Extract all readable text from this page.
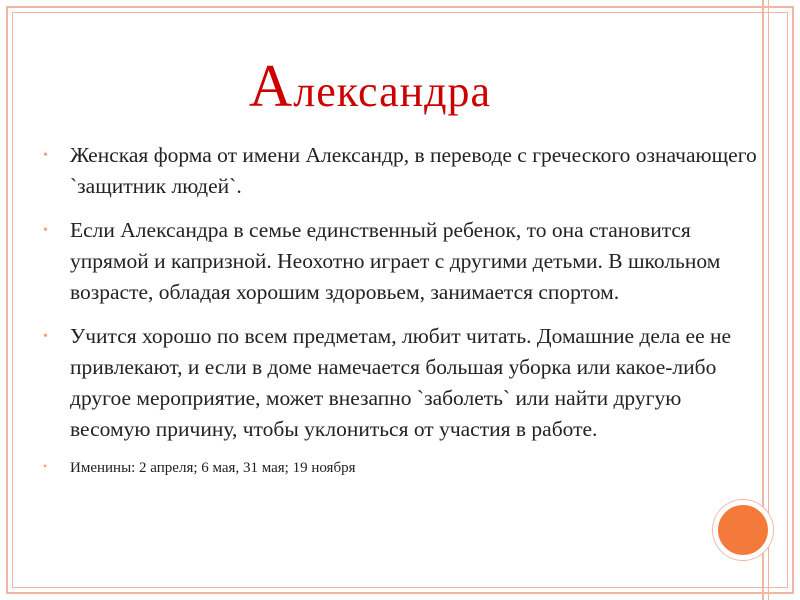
Александра
• Женская форма от имени Александр, в переводе с греческого означающего `защитник людей`.
• Если Александра в семье единственный ребенок, то она становится упрямой и капризной. Неохотно играет с другими детьми. В школьном возрасте, обладая хорошим здоровьем, занимается спортом.
• Учится хорошо по всем предметам, любит читать. Домашние дела ее не привлекают, и если в доме намечается большая уборка или какое-либо другое мероприятие, может внезапно `заболеть` или найти другую весомую причину, чтобы уклониться от участия в работе.
• Именины: 2 апреля; 6 мая, 31 мая; 19 ноября
